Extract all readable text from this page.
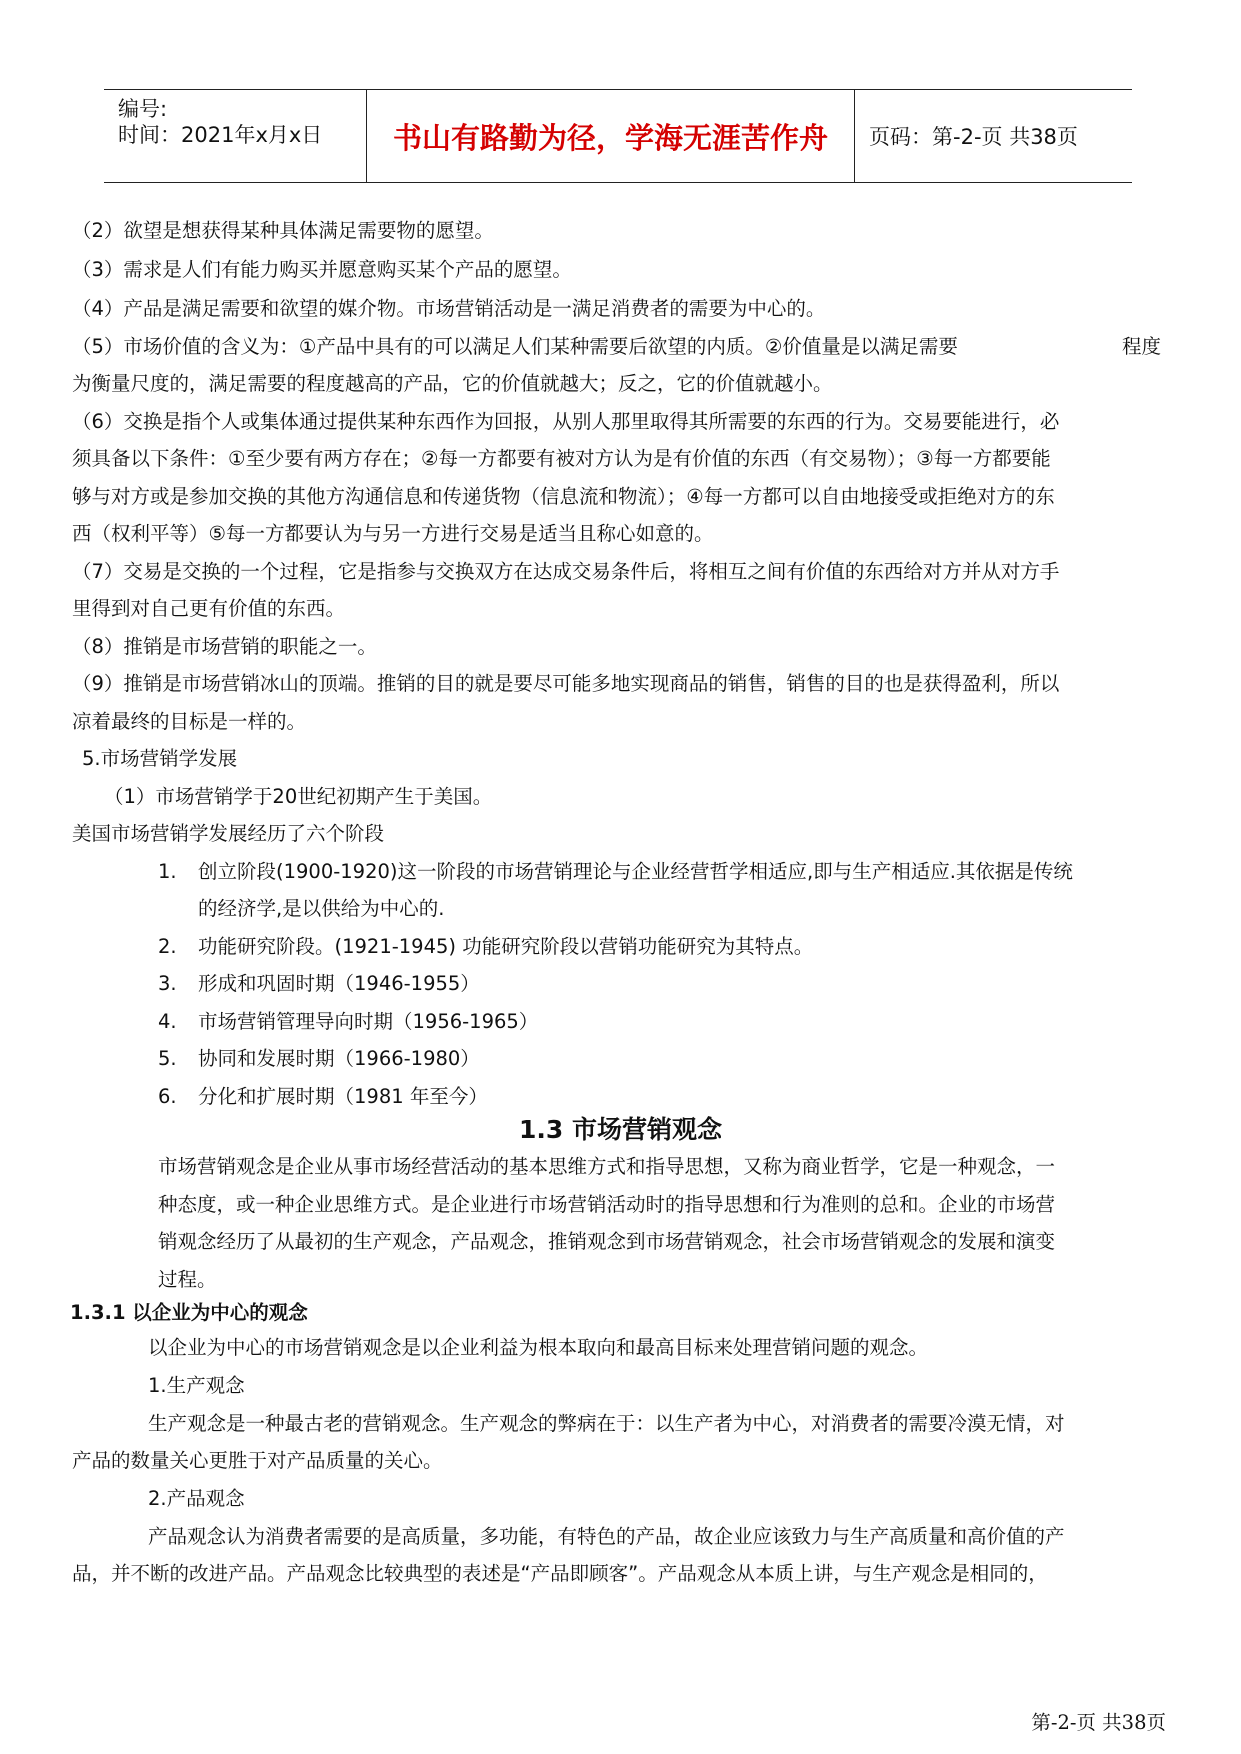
编号:
时间：2021年x月x日 书山有路勤为径，学海无涯苦作舟 页码：第-2-页 共38页
（2）欲望是想获得某种具体满足需要物的愿望。
（3）需求是人们有能力购买并愿意购买某个产品的愿望。
（4）产品是满足需要和欲望的媒介物。市场营销活动是一满足消费者的需要为中心的。
（5）市场价值的含义为：①产品中具有的可以满足人们某种需要后欲望的内质。②价值量是以满足需要	程度
为衡量尺度的，满足需要的程度越高的产品，它的价值就越大；反之，它的价值就越小。
（6）交换是指个人或集体通过提供某种东西作为回报，从别人那里取得其所需要的东西的行为。交易要能进行，必
须具备以下条件：①至少要有两方存在；②每一方都要有被对方认为是有价值的东西（有交易物）；③每一方都要能
够与对方或是参加交换的其他方沟通信息和传递货物（信息流和物流）；④每一方都可以自由地接受或拒绝对方的东
西（权利平等）⑤每一方都要认为与另一方进行交易是适当且称心如意的。
（7）交易是交换的一个过程，它是指参与交换双方在达成交易条件后，将相互之间有价值的东西给对方并从对方手
里得到对自己更有价值的东西。
（8）推销是市场营销的职能之一。
（9）推销是市场营销冰山的顶端。推销的目的就是要尽可能多地实现商品的销售，销售的目的也是获得盈利，所以
凉着最终的目标是一样的。
5.市场营销学发展
（1）市场营销学于20世纪初期产生于美国。
美国市场营销学发展经历了六个阶段
1. 创立阶段(1900-1920)这一阶段的市场营销理论与企业经营哲学相适应,即与生产相适应.其依据是传统
的经济学,是以供给为中心的.
2. 功能研究阶段。(1921-1945) 功能研究阶段以营销功能研究为其特点。
3. 形成和巩固时期（1946-1955）
4. 市场营销管理导向时期（1956-1965）
5. 协同和发展时期（1966-1980）
6. 分化和扩展时期（1981 年至今）
1.3 市场营销观念
市场营销观念是企业从事市场经营活动的基本思维方式和指导思想，又称为商业哲学，它是一种观念，一
种态度，或一种企业思维方式。是企业进行市场营销活动时的指导思想和行为准则的总和。企业的市场营
销观念经历了从最初的生产观念，产品观念，推销观念到市场营销观念，社会市场营销观念的发展和演变
过程。
1.3.1 以企业为中心的观念
以企业为中心的市场营销观念是以企业利益为根本取向和最高目标来处理营销问题的观念。
1.生产观念
生产观念是一种最古老的营销观念。生产观念的弊病在于：以生产者为中心，对消费者的需要冷漠无情，对
产品的数量关心更胜于对产品质量的关心。
2.产品观念
产品观念认为消费者需要的是高质量，多功能，有特色的产品，故企业应该致力与生产高质量和高价值的产
品，并不断的改进产品。产品观念比较典型的表述是“产品即顾客”。产品观念从本质上讲，与生产观念是相同的，
第-2-页 共38页
